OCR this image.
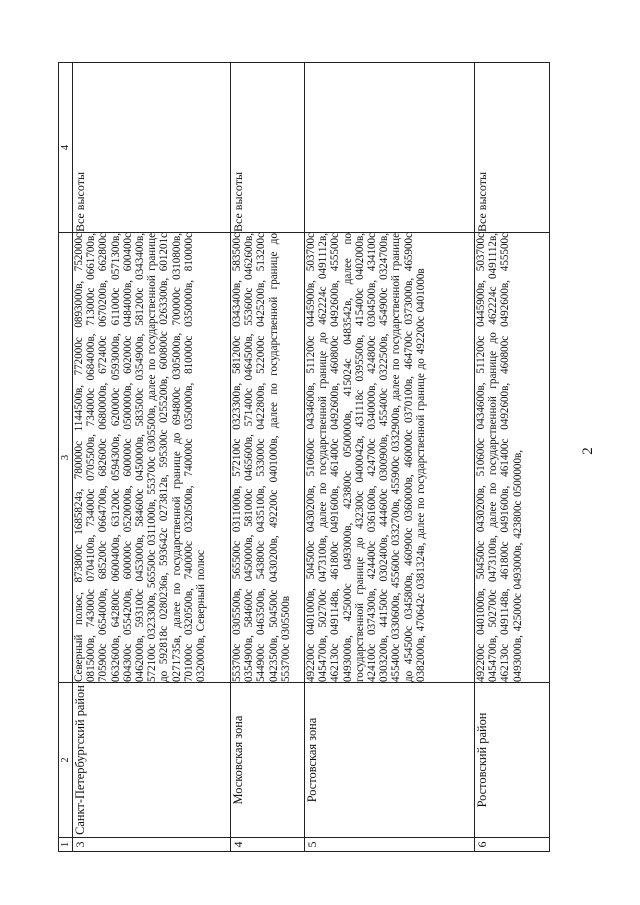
2
1	2	3	4
3	Санкт-Петербургский район	Северный полюс, 873800с 1685824з, 780000с 1144500в, 772000с 0893000в, 752000с 0815000в, 743000с 0704100в, 734000с 0705500в, 734000с 0684000в, 713000с 0661700в, 705900с 0654000в, 685200с 0664700в, 682600с 0680000в, 672400с 0670200в, 662800с 0632600в, 642800с 0600400в, 631200с 0594300в, 620000с 0593000в, 611000с 0571300в, 604300с 0554200в, 600000с 0520000в, 600000с 0500000в, 602000с 0484000в, 600400с 0462000в, 593100с 0453000в, 584600с 0450000в, 583500с 0354900в, 581200с 0343400в, 572100с 0323300в, 565500с 0311000в, 553700с 0305500в, далее по государственной границе до 592818с 0280236в, 593642с 0273812в, 595300с 0255200в, 600800с 0263300в, 601201с 0271735в, далее по государственной границе до 694800с 0305000в, 700000с 0310800в, 701000с 0320500в, 740000с 0320500в, 740000с 0350000в, 810000с 0350000в, 810000с 0320000в, Северный полюс	Все высоты
4	Московская зона	553700с 0305500в, 565500с 0311000в, 572100с 0323300в, 581200с 0343400в, 583500с 0354900в, 584600с 0450000в, 581000с 0465600в, 571400с 0464500в, 553600с 0462600в, 544900с 0463500в, 543800с 0435100в, 533000с 0422800в, 522000с 0425200в, 513200с 0423500в, 504500с 0430200в, 492200с 0401000в, далее по государственной границе до 553700с 0305500в	Все высоты
5	Ростовская зона	492200с 0401000в, 504500с 0430200в, 510600с 0434600в, 511200с 0445900в, 503700с 0454700в, 502700с 0473100в, далее по государственной границе до 462224с 0491112в, 462130с 0491148в, 461800с 0491600в, 461400с 0492600в, 460800с 0492600в, 455500с 0493000в, 425000с 0493000в, 423800с 0500000в, 415024с 0483542в, далее по государственной границе до 432300с 0400042в, 431118с 0395500в, 415400с 0402000в, 424100с 0374300в, 424400с 0361600в, 424700с 0340000в, 424800с 0304500в, 434100с 0303200в, 441500с 0302400в, 444600с 0300900в, 455400с 0322500в, 454900с 0324700в, 455400с 0330600в, 455600с 0332700в, 455900с 0332900в, далее по государственной границе до 454500с 0345800в, 460900с 0360000в, 460000с 0370100в, 464700с 0373000в, 465900с 0382000в, 470642с 0381324в, далее по государственной границе до 492200с 0401000в	
6	Ростовский район	492200с 0401000в, 504500с 0430200в, 510600с 0434600в, 511200с 0445900в, 503700с 0454700в, 502700с 0473100в, далее по государственной границе до 462224с 0491112в, 462130с 0491148в, 461800с 0491600в, 461400с 0492600в, 460800с 0492600в, 455500с 0493000в, 425000с 0493000в, 423800с 0500000в,	Все высоты
